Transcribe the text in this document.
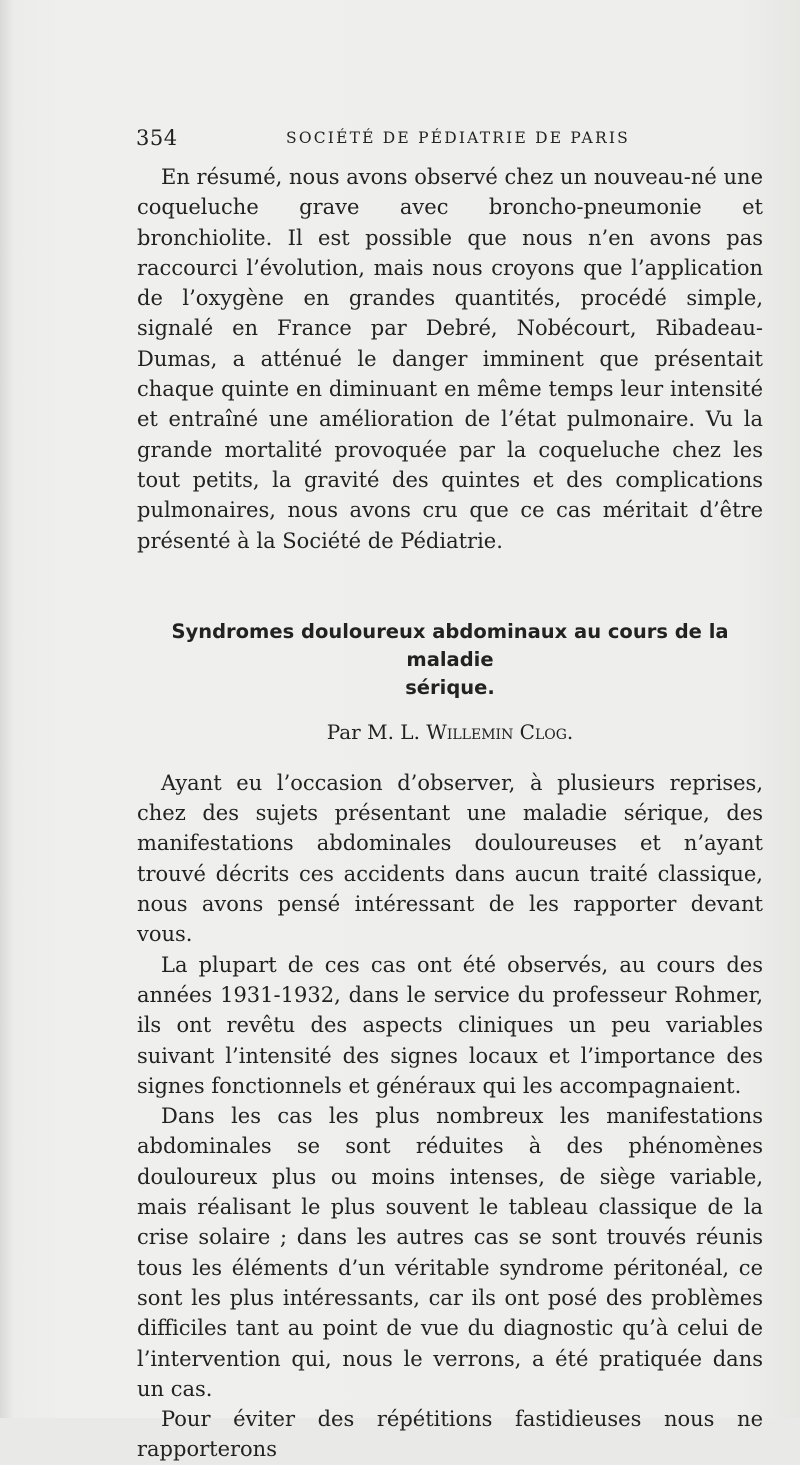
354	SOCIÉTÉ DE PÉDIATRIE DE PARIS

En résumé, nous avons observé chez un nouveau-né une coqueluche grave avec broncho-pneumonie et bronchiolite. Il est possible que nous n’en avons pas raccourci l’évolution, mais nous croyons que l’application de l’oxygène en grandes quantités, procédé simple, signalé en France par Debré, Nobécourt, Ribadeau-Dumas, a atténué le danger imminent que présentait chaque quinte en diminuant en même temps leur intensité et entraîné une amélioration de l’état pulmonaire. Vu la grande mortalité provoquée par la coqueluche chez les tout petits, la gravité des quintes et des complications pulmonaires, nous avons cru que ce cas méritait d’être présenté à la Société de Pédiatrie.

Syndromes douloureux abdominaux au cours de la maladie
sérique.
Par M. L. Willemin Clog.

Ayant eu l’occasion d’observer, à plusieurs reprises, chez des sujets présentant une maladie sérique, des manifestations abdominales douloureuses et n’ayant trouvé décrits ces accidents dans aucun traité classique, nous avons pensé intéressant de les rapporter devant vous.

La plupart de ces cas ont été observés, au cours des années 1931-1932, dans le service du professeur Rohmer, ils ont revêtu des aspects cliniques un peu variables suivant l’intensité des signes locaux et l’importance des signes fonctionnels et généraux qui les accompagnaient.

Dans les cas les plus nombreux les manifestations abdominales se sont réduites à des phénomènes douloureux plus ou moins intenses, de siège variable, mais réalisant le plus souvent le tableau classique de la crise solaire ; dans les autres cas se sont trouvés réunis tous les éléments d’un véritable syndrome péritonéal, ce sont les plus intéressants, car ils ont posé des problèmes difficiles tant au point de vue du diagnostic qu’à celui de l’intervention qui, nous le verrons, a été pratiquée dans un cas.

Pour éviter des répétitions fastidieuses nous ne rapporterons
